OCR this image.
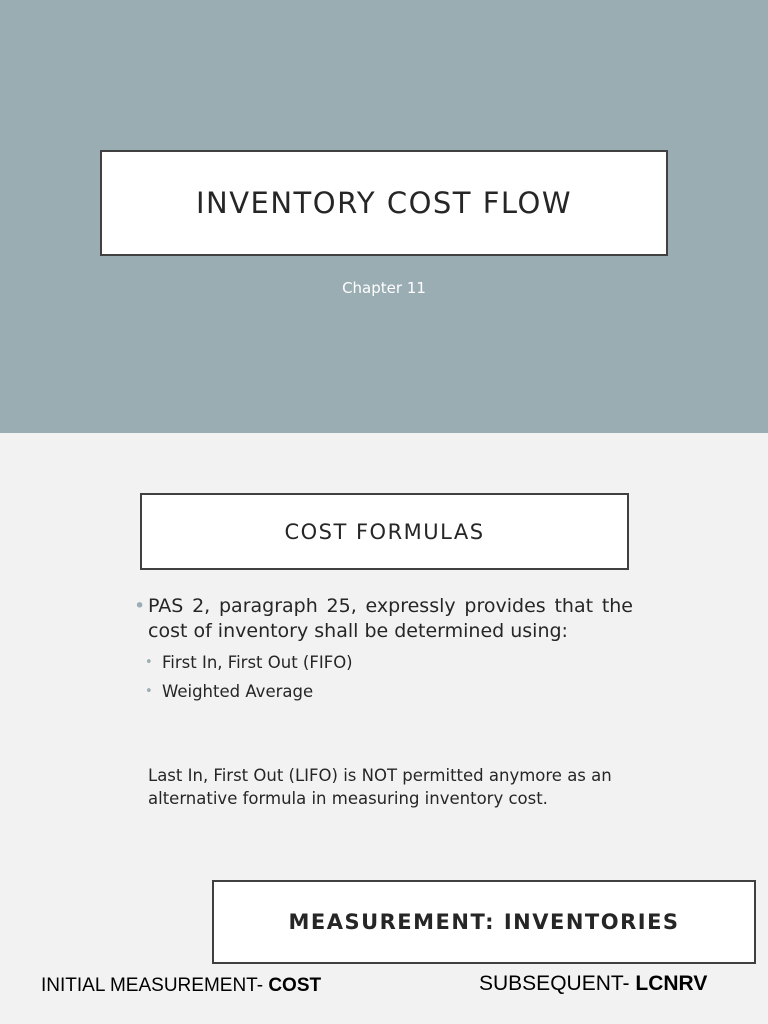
INVENTORY COST FLOW
Chapter 11
COST FORMULAS
• PAS 2, paragraph 25, expressly provides that the cost of inventory shall be determined using:
• First In, First Out (FIFO)
• Weighted Average
Last In, First Out (LIFO) is NOT permitted anymore as an alternative formula in measuring inventory cost.
MEASUREMENT: INVENTORIES
INITIAL MEASUREMENT- COST	SUBSEQUENT- LCNRV
